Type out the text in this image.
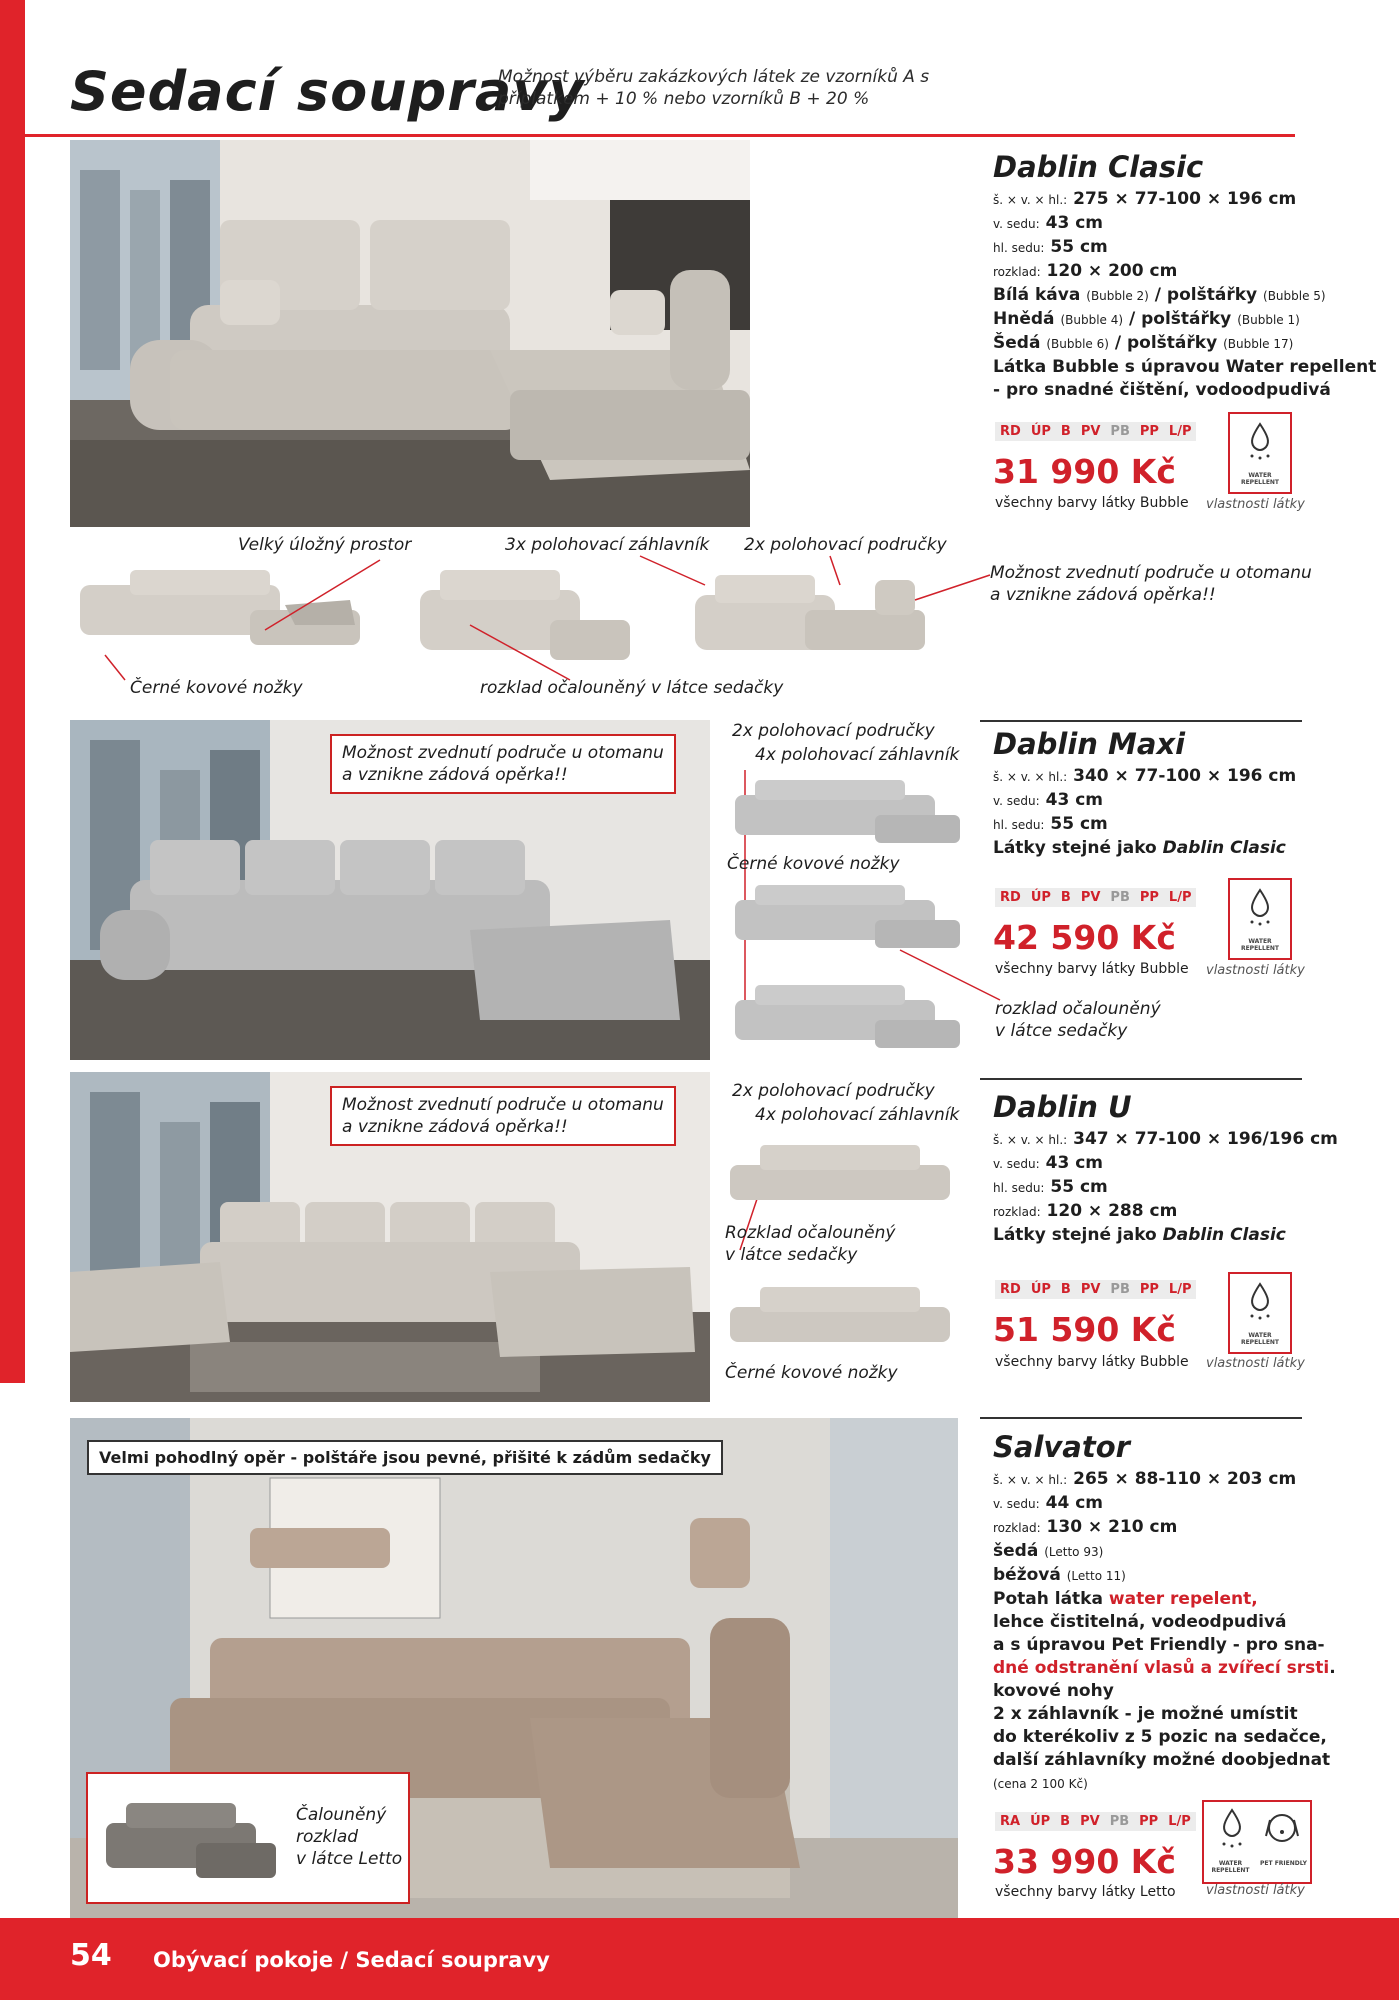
Sedací soupravy
Možnost výběru zakázkových látek ze vzorníků A s příplatkem + 10 % nebo vzorníků B + 20 %
Dablin Clasic
š. × v. × hl.: 275 × 77-100 × 196 cm
v. sedu: 43 cm
hl. sedu: 55 cm
rozklad: 120 × 200 cm
Bílá káva (Bubble 2) / polštářky (Bubble 5)
Hnědá (Bubble 4) / polštářky (Bubble 1)
Šedá (Bubble 6) / polštářky (Bubble 17)
Látka Bubble s úpravou Water repellent
- pro snadné čištění, vodoodpudivá
RD ÚP B PV PB PP L/P
31 990 Kč
všechny barvy látky Bubble
WATER REPELLENT
vlastnosti látky
Velký úložný prostor	3x polohovací záhlavník 2x polohovací područky
Možnost zvednutí područe u otomanu
a vznikne zádová opěrka!!
Černé kovové nožky	rozklad očalouněný v látce sedačky
Možnost zvednutí područe u otomanu
a vznikne zádová opěrka!!
2x polohovací područky
4x polohovací záhlavník
Černé kovové nožky
rozklad očalouněný
v látce sedačky
Dablin Maxi
š. × v. × hl.: 340 × 77-100 × 196 cm
v. sedu: 43 cm
hl. sedu: 55 cm
Látky stejné jako Dablin Clasic
RD ÚP B PV PB PP L/P
42 590 Kč
všechny barvy látky Bubble
WATER REPELLENT
vlastnosti látky
Možnost zvednutí područe u otomanu
a vznikne zádová opěrka!!
2x polohovací područky
4x polohovací záhlavník
Rozklad očalouněný
v látce sedačky
Černé kovové nožky
Dablin U
š. × v. × hl.: 347 × 77-100 × 196/196 cm
v. sedu: 43 cm
hl. sedu: 55 cm
rozklad: 120 × 288 cm
Látky stejné jako Dablin Clasic
RD ÚP B PV PB PP L/P
51 590 Kč
všechny barvy látky Bubble
WATER REPELLENT
vlastnosti látky
Velmi pohodlný opěr - polštáře jsou pevné, přišité k zádům sedačky
Čalouněný
rozklad
v látce Letto
Salvator
š. × v. × hl.: 265 × 88-110 × 203 cm
v. sedu: 44 cm
rozklad: 130 × 210 cm
šedá (Letto 93)
béžová (Letto 11)
Potah látka water repelent,
lehce čistitelná, vodeodpudivá
a s úpravou Pet Friendly - pro sna-
dné odstranění vlasů a zvířecí srsti.
kovové nohy
2 x záhlavník - je možné umístit
do kterékoliv z 5 pozic na sedačce,
další záhlavníky možné doobjednat
(cena 2 100 Kč)
RA ÚP B PV PB PP L/P
33 990 Kč
všechny barvy látky Letto
WATER REPELLENT
PET FRIENDLY
vlastnosti látky
54 Obývací pokoje / Sedací soupravy
